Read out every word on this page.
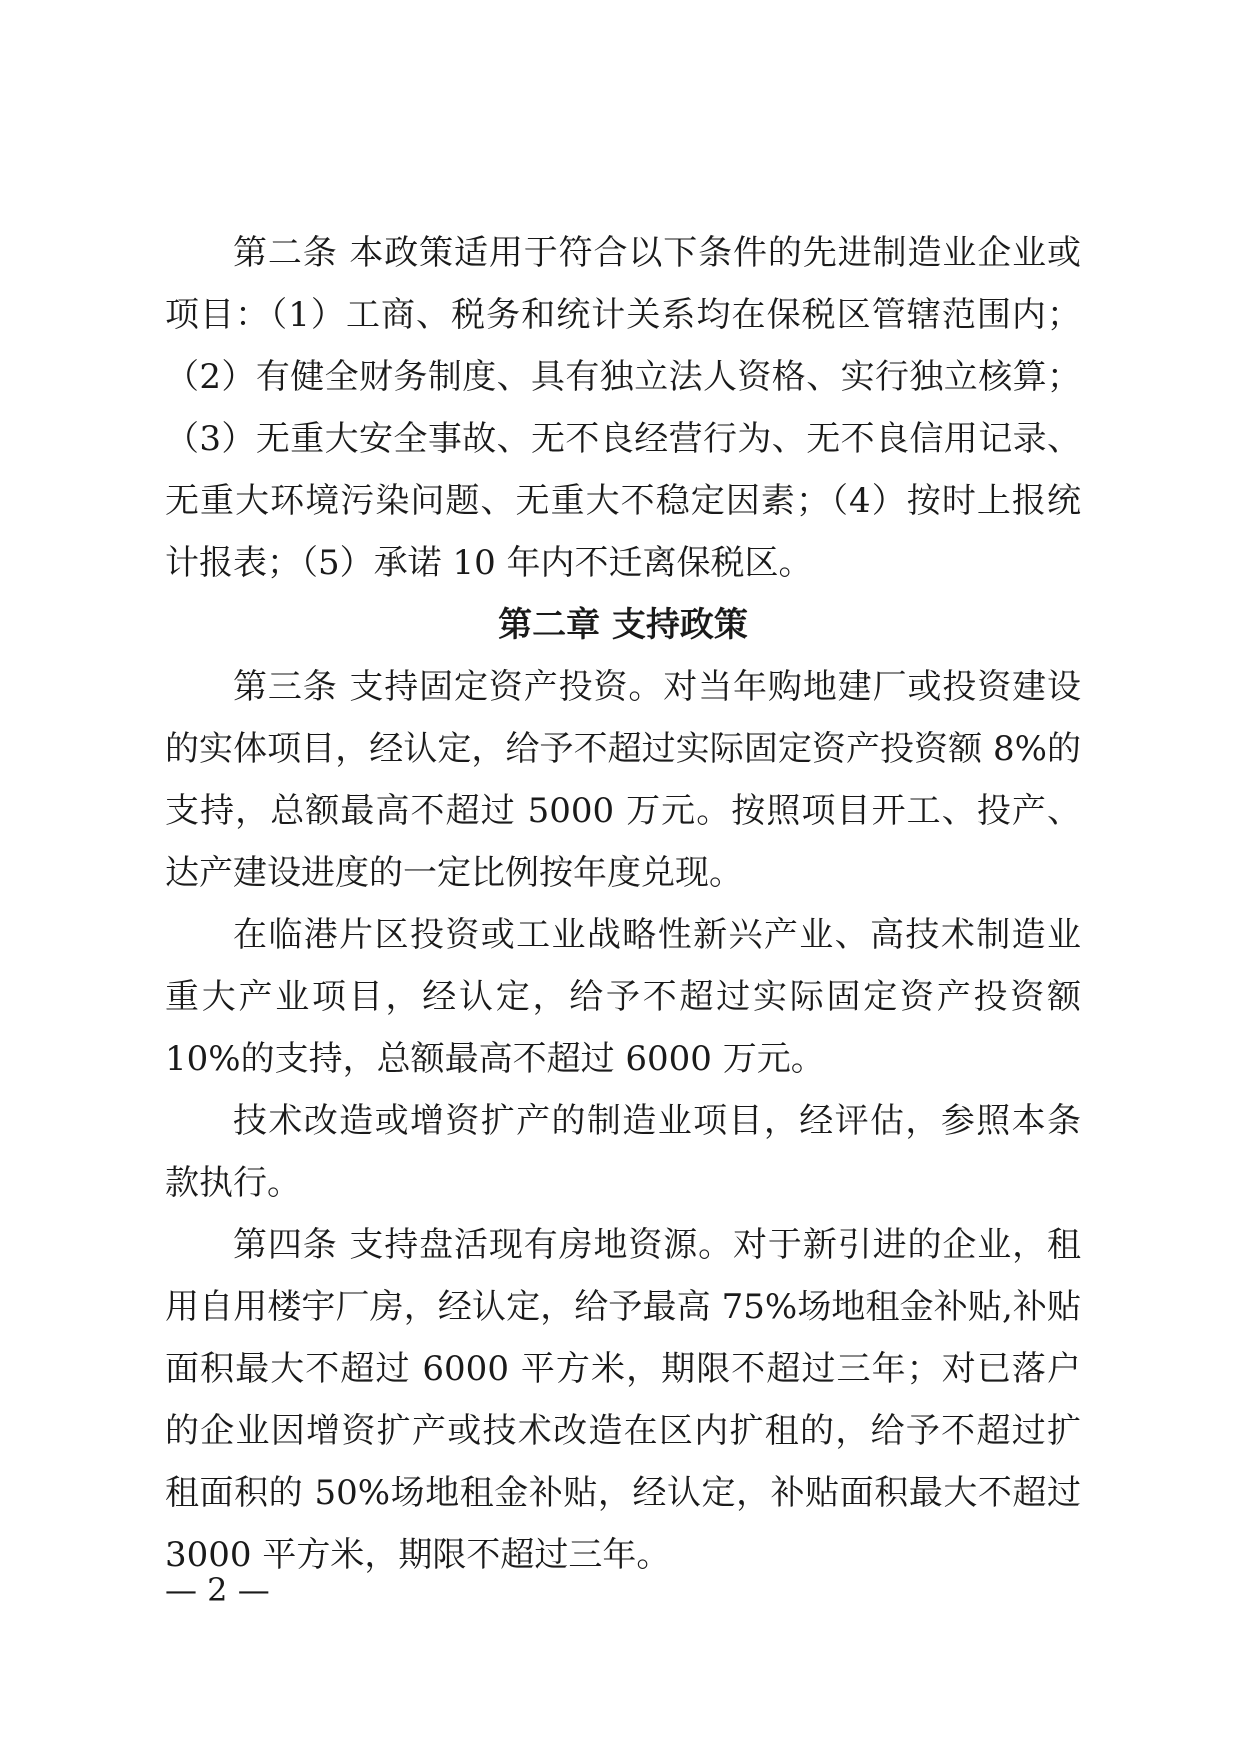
第二条 本政策适用于符合以下条件的先进制造业企业或项目：（1）工商、税务和统计关系均在保税区管辖范围内；（2）有健全财务制度、具有独立法人资格、实行独立核算；（3）无重大安全事故、无不良经营行为、无不良信用记录、无重大环境污染问题、无重大不稳定因素；（4）按时上报统计报表；（5）承诺 10 年内不迁离保税区。

第二章 支持政策

第三条 支持固定资产投资。对当年购地建厂或投资建设的实体项目，经认定，给予不超过实际固定资产投资额 8%的支持，总额最高不超过 5000 万元。按照项目开工、投产、达产建设进度的一定比例按年度兑现。

在临港片区投资或工业战略性新兴产业、高技术制造业重大产业项目，经认定，给予不超过实际固定资产投资额 10%的支持，总额最高不超过 6000 万元。

技术改造或增资扩产的制造业项目，经评估，参照本条款执行。

第四条 支持盘活现有房地资源。对于新引进的企业，租用自用楼宇厂房，经认定，给予最高 75%场地租金补贴,补贴面积最大不超过 6000 平方米，期限不超过三年；对已落户的企业因增资扩产或技术改造在区内扩租的，给予不超过扩租面积的 50%场地租金补贴，经认定，补贴面积最大不超过 3000 平方米，期限不超过三年。

— 2 —
